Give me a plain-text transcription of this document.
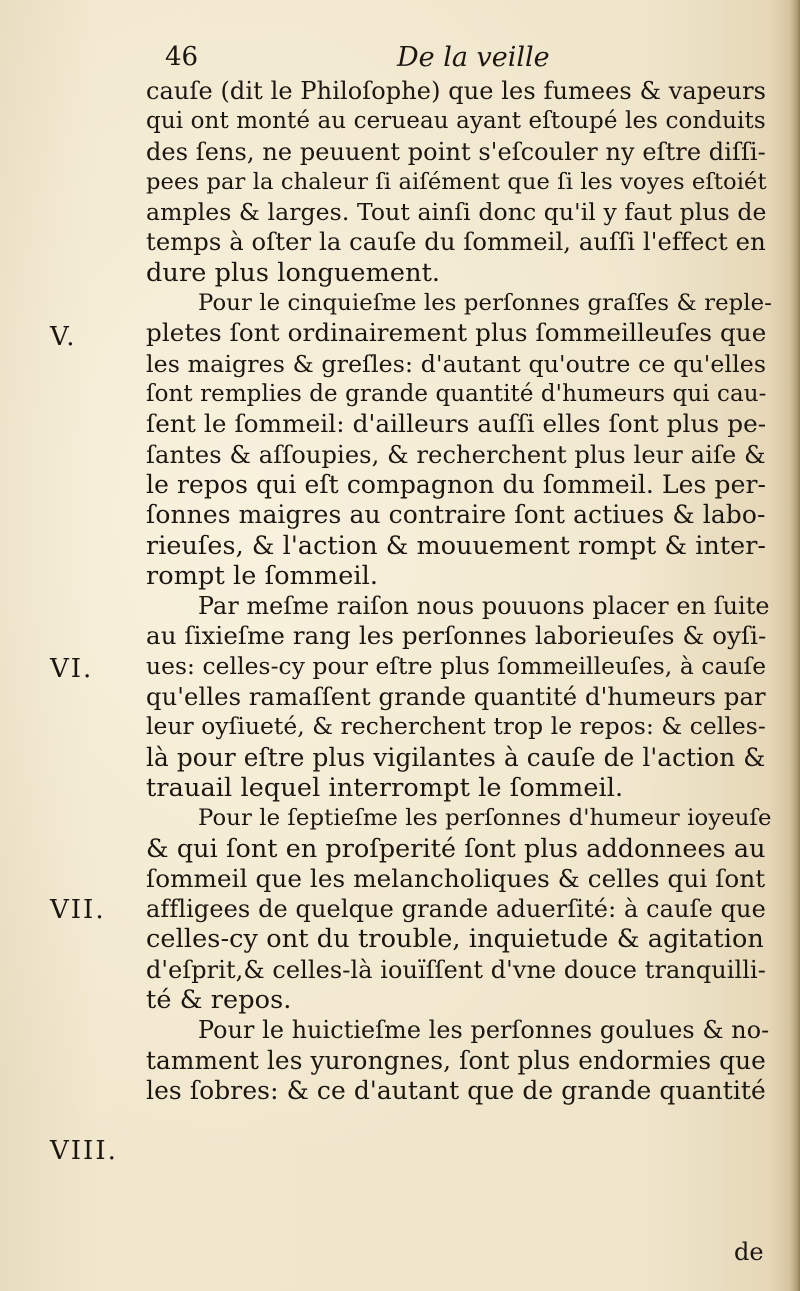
46	De la veille
V.
VI.
VII.
VIII.
cauſe (dit le Philoſophe) que les fumees & vapeurs
qui ont monté au cerueau ayant eſtoupé les conduits
des ſens, ne peuuent point s'eſcouler ny eſtre diſſi-
pees par la chaleur ſi aiſément que ſi les voyes eſtoiét
amples & larges. Tout ainſi donc qu'il y faut plus de
temps à oſter la cauſe du ſommeil, auſſi l'effect en
dure plus longuement.
Pour le cinquieſme les perſonnes graſſes & reple-
pletes ſont ordinairement plus ſommeilleuſes que
les maigres & greſles: d'autant qu'outre ce qu'elles
ſont remplies de grande quantité d'humeurs qui cau-
ſent le ſommeil: d'ailleurs auſſi elles ſont plus pe-
ſantes & aſſoupies, & recherchent plus leur aiſe &
le repos qui eſt compagnon du ſommeil. Les per-
ſonnes maigres au contraire ſont actiues & labo-
rieuſes, & l'action & mouuement rompt & inter-
rompt le ſommeil.
Par meſme raiſon nous pouuons placer en ſuite
au ſixieſme rang les perſonnes laborieuſes & oyſi-
ues: celles-cy pour eſtre plus ſommeilleuſes, à cauſe
qu'elles ramaſſent grande quantité d'humeurs par
leur oyſiueté, & recherchent trop le repos: & celles-
là pour eſtre plus vigilantes à cauſe de l'action &
trauail lequel interrompt le ſommeil.
Pour le ſeptieſme les perſonnes d'humeur ioyeuſe
& qui ſont en proſperité ſont plus addonnees au
ſommeil que les melancholiques & celles qui ſont
affligees de quelque grande aduerſité: à cauſe que
celles-cy ont du trouble, inquietude & agitation
d'eſprit,& celles-là iouïſſent d'vne douce tranquilli-
té & repos.
Pour le huictieſme les perſonnes goulues & no-
tamment les yurongnes, ſont plus endormies que
les ſobres: & ce d'autant que de grande quantité
de
